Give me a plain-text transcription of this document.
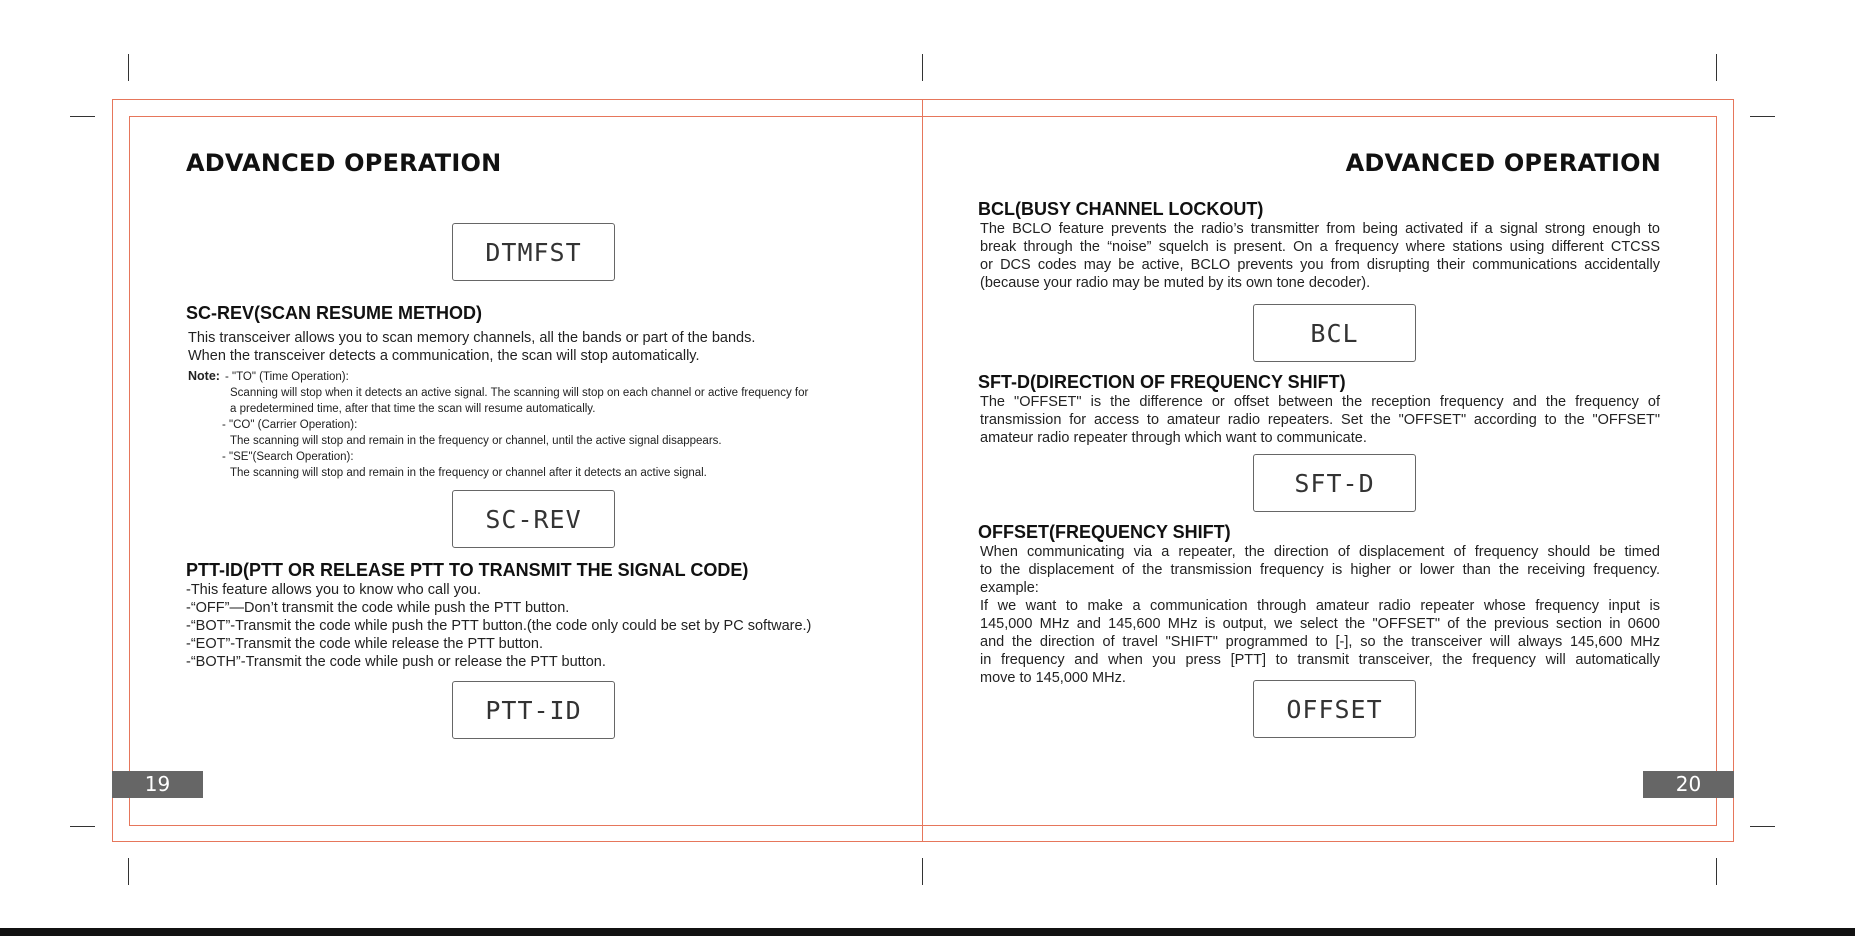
ADVANCED OPERATION
DTMFST
SC-REV(SCAN RESUME METHOD)
This transceiver allows you to scan memory channels, all the bands or part of the bands.
When the transceiver detects a communication, the scan will stop automatically.
Note: - "TO" (Time Operation):
Scanning will stop when it detects an active signal. The scanning will stop on each channel or active frequency for
a predetermined time, after that time the scan will resume automatically.
- "CO" (Carrier Operation):
The scanning will stop and remain in the frequency or channel, until the active signal disappears.
- "SE"(Search Operation):
The scanning will stop and remain in the frequency or channel after it detects an active signal.
SC-REV
PTT-ID(PTT OR RELEASE PTT TO TRANSMIT THE SIGNAL CODE)
-This feature allows you to know who call you.
-“OFF”—Don’t transmit the code while push the PTT button.
-“BOT”-Transmit the code while push the PTT button.(the code only could be set by PC software.)
-“EOT”-Transmit the code while release the PTT button.
-“BOTH”-Transmit the code while push or release the PTT button.
PTT-ID
19
ADVANCED OPERATION
BCL(BUSY CHANNEL LOCKOUT)
The BCLO feature prevents the radio’s transmitter from being activated if a signal strong enough to
break through the “noise” squelch is present. On a frequency where stations using different CTCSS
or DCS codes may be active, BCLO prevents you from disrupting their communications accidentally
(because your radio may be muted by its own tone decoder).
BCL
SFT-D(DIRECTION OF FREQUENCY SHIFT)
The "OFFSET" is the difference or offset between the reception frequency and the frequency of
transmission for access to amateur radio repeaters. Set the "OFFSET" according to the "OFFSET"
amateur radio repeater through which want to communicate.
SFT-D
OFFSET(FREQUENCY SHIFT)
When communicating via a repeater, the direction of displacement of frequency should be timed
to the displacement of the transmission frequency is higher or lower than the receiving frequency.
example:
If we want to make a communication through amateur radio repeater whose frequency input is
145,000 MHz and 145,600 MHz is output, we select the "OFFSET" of the previous section in 0600
and the direction of travel "SHIFT" programmed to [-], so the transceiver will always 145,600 MHz
in frequency and when you press [PTT] to transmit transceiver, the frequency will automatically
move to 145,000 MHz.
OFFSET
20
